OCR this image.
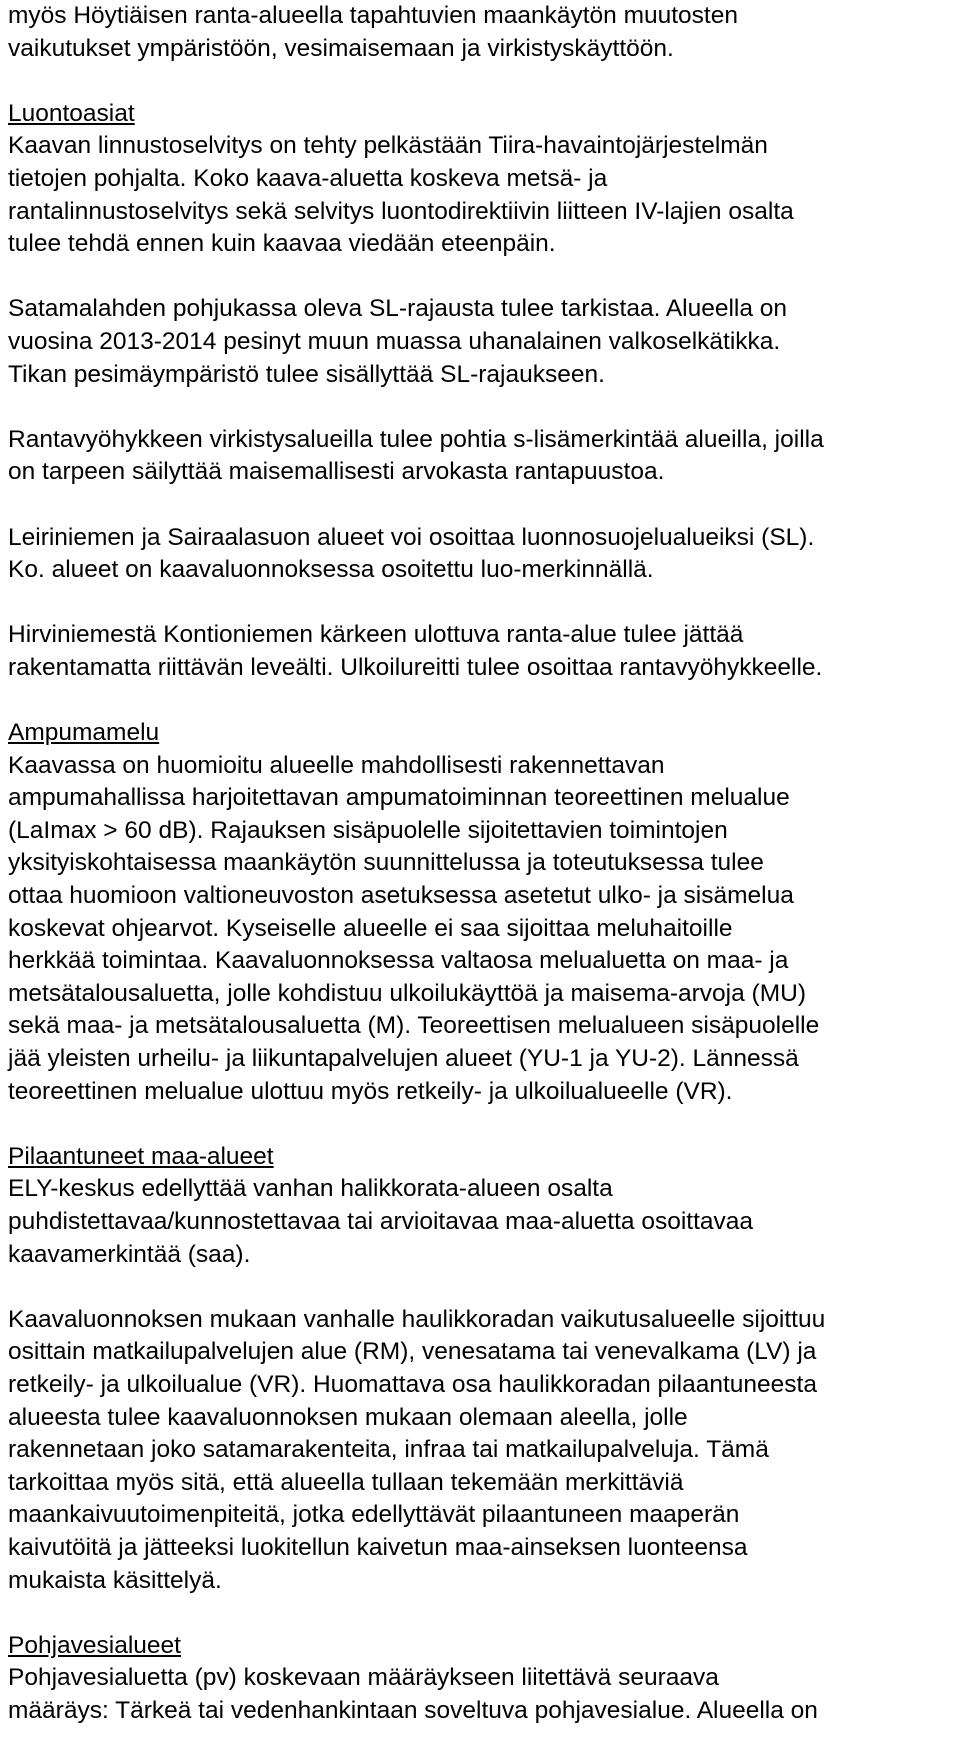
myös Höytiäisen ranta-alueella tapahtuvien maankäytön muutosten
vaikutukset ympäristöön, vesimaisemaan ja virkistyskäyttöön.
Luontoasiat
Kaavan linnustoselvitys on tehty pelkästään Tiira-havaintojärjestelmän
tietojen pohjalta. Koko kaava-aluetta koskeva metsä- ja
rantalinnustoselvitys sekä selvitys luontodirektiivin liitteen IV-lajien osalta
tulee tehdä ennen kuin kaavaa viedään eteenpäin.
Satamalahden pohjukassa oleva SL-rajausta tulee tarkistaa. Alueella on
vuosina 2013-2014 pesinyt muun muassa uhanalainen valkoselkätikka.
Tikan pesimäympäristö tulee sisällyttää SL-rajaukseen.
Rantavyöhykkeen virkistysalueilla tulee pohtia s-lisämerkintää alueilla, joilla
on tarpeen säilyttää maisemallisesti arvokasta rantapuustoa.
Leiriniemen ja Sairaalasuon alueet voi osoittaa luonnosuojelualueiksi (SL).
Ko. alueet on kaavaluonnoksessa osoitettu luo-merkinnällä.
Hirviniemestä Kontioniemen kärkeen ulottuva ranta-alue tulee jättää
rakentamatta riittävän leveälti. Ulkoilureitti tulee osoittaa rantavyöhykkeelle.
Ampumamelu
Kaavassa on huomioitu alueelle mahdollisesti rakennettavan
ampumahallissa harjoitettavan ampumatoiminnan teoreettinen melualue
(LaImax > 60 dB). Rajauksen sisäpuolelle sijoitettavien toimintojen
yksityiskohtaisessa maankäytön suunnittelussa ja toteutuksessa tulee
ottaa huomioon valtioneuvoston asetuksessa asetetut ulko- ja sisämelua
koskevat ohjearvot. Kyseiselle alueelle ei saa sijoittaa meluhaitoille
herkkää toimintaa. Kaavaluonnoksessa valtaosa melualuetta on maa- ja
metsätalousaluetta, jolle kohdistuu ulkoilukäyttöä ja maisema-arvoja (MU)
sekä maa- ja metsätalousaluetta (M). Teoreettisen melualueen sisäpuolelle
jää yleisten urheilu- ja liikuntapalvelujen alueet (YU-1 ja YU-2). Lännessä
teoreettinen melualue ulottuu myös retkeily- ja ulkoilualueelle (VR).
Pilaantuneet maa-alueet
ELY-keskus edellyttää vanhan halikkorata-alueen osalta
puhdistettavaa/kunnostettavaa tai arvioitavaa maa-aluetta osoittavaa
kaavamerkintää (saa).
Kaavaluonnoksen mukaan vanhalle haulikkoradan vaikutusalueelle sijoittuu
osittain matkailupalvelujen alue (RM), venesatama tai venevalkama (LV) ja
retkeily- ja ulkoilualue (VR). Huomattava osa haulikkoradan pilaantuneesta
alueesta tulee kaavaluonnoksen mukaan olemaan aleella, jolle
rakennetaan joko satamarakenteita, infraa tai matkailupalveluja. Tämä
tarkoittaa myös sitä, että alueella tullaan tekemään merkittäviä
maankaivuutoimenpiteitä, jotka edellyttävät pilaantuneen maaperän
kaivutöitä ja jätteeksi luokitellun kaivetun maa-ainseksen luonteensa
mukaista käsittelyä.
Pohjavesialueet
Pohjavesialuetta (pv) koskevaan määräykseen liitettävä seuraava
määräys: Tärkeä tai vedenhankintaan soveltuva pohjavesialue. Alueella on
